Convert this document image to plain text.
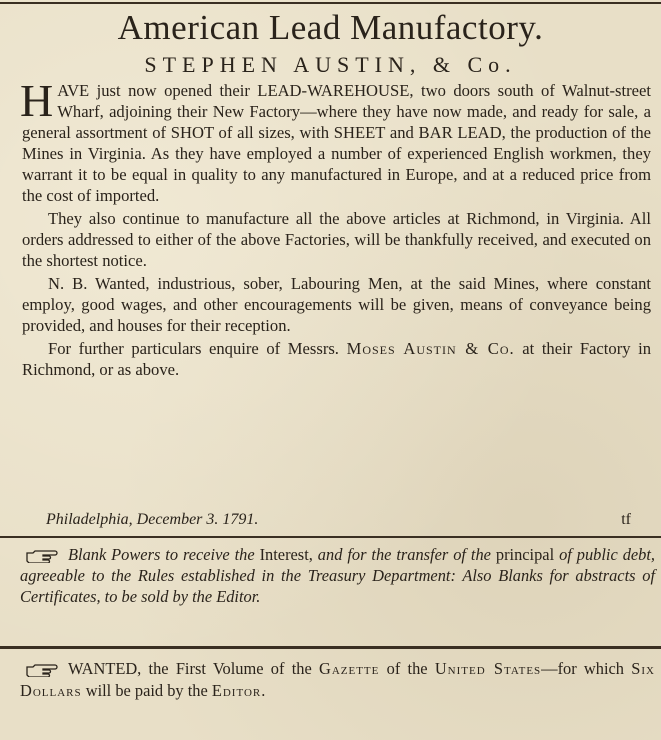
American Lead Manufactory.
STEPHEN AUSTIN, & Co.

HAVE just now opened their LEAD-WAREHOUSE, two doors south of Walnut-street Wharf, adjoining their New Factory—where they have now made, and ready for sale, a general assortment of SHOT of all sizes, with SHEET and BAR LEAD, the production of the Mines in Virginia. As they have employed a number of experienced English workmen, they warrant it to be equal in quality to any manufactured in Europe, and at a reduced price from the cost of imported.

They also continue to manufacture all the above articles at Richmond, in Virginia. All orders addressed to either of the above Factories, will be thankfully received, and executed on the shortest notice.

N. B. Wanted, industrious, sober, Labouring Men, at the said Mines, where constant employ, good wages, and other encouragements will be given, means of conveyance being provided, and houses for their reception.

For further particulars enquire of Messrs. Moses Austin & Co. at their Factory in Richmond, or as above.

Philadelphia, December 3. 1791.	tf
Blank Powers to receive the Interest, and for the transfer of the principal of public debt, agreeable to the Rules established in the Treasury Department: Also Blanks for abstracts of Certificates, to be sold by the Editor.
WANTED, the First Volume of the Gazette of the United States—for which Six Dollars will be paid by the Editor.
